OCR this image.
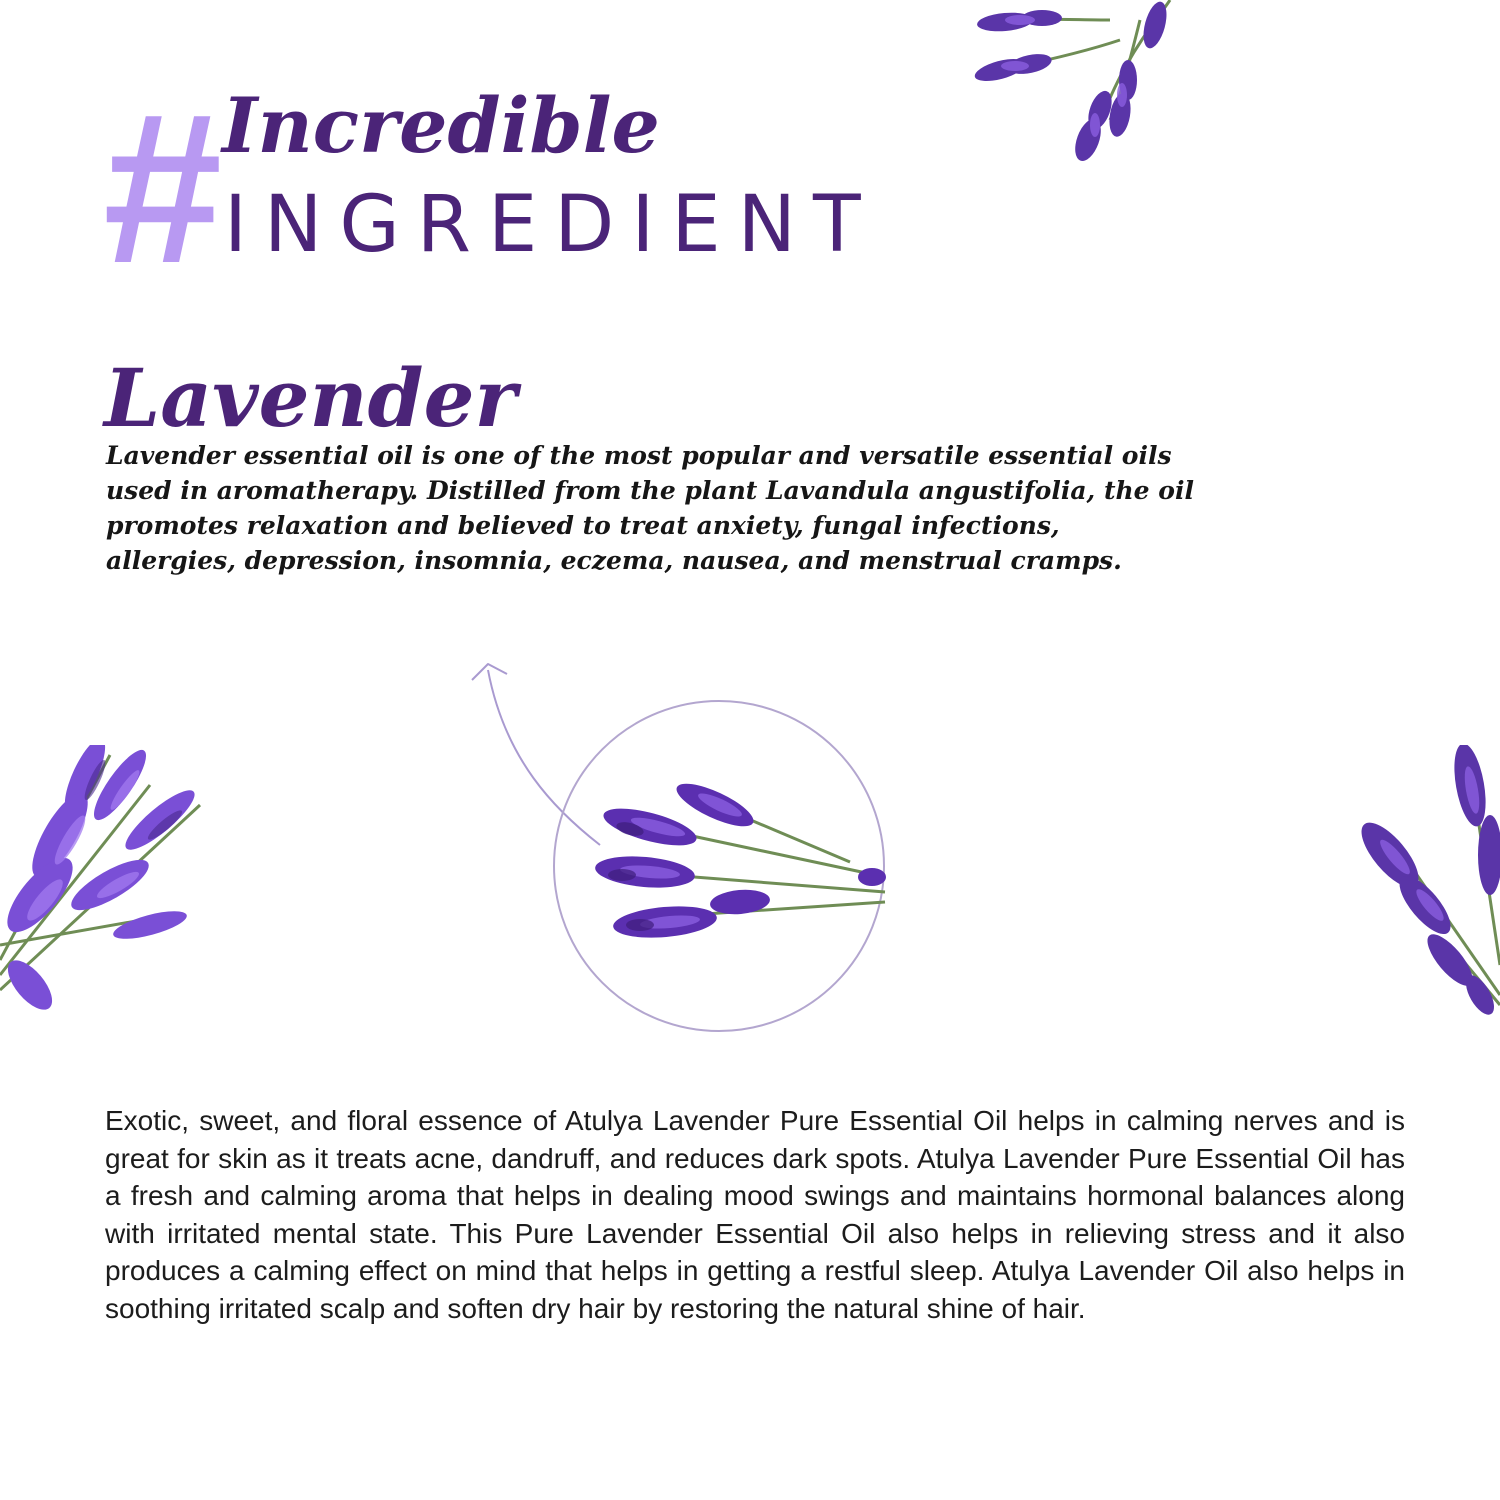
# Incredible
INGREDIENT
Lavender

Lavender essential oil is one of the most popular and versatile essential oils used in aromatherapy. Distilled from the plant Lavandula angustifolia, the oil promotes relaxation and believed to treat anxiety, fungal infections, allergies, depression, insomnia, eczema, nausea, and menstrual cramps.

Exotic, sweet, and floral essence of Atulya Lavender Pure Essential Oil helps in calming nerves and is great for skin as it treats acne, dandruff, and reduces dark spots. Atulya Lavender Pure Essential Oil has a fresh and calming aroma that helps in dealing mood swings and maintains hormonal balances along with irritated mental state. This Pure Lavender Essential Oil also helps in relieving stress and it also produces a calming effect on mind that helps in getting a restful sleep. Atulya Lavender Oil also helps in soothing irritated scalp and soften dry hair by restoring the natural shine of hair.
